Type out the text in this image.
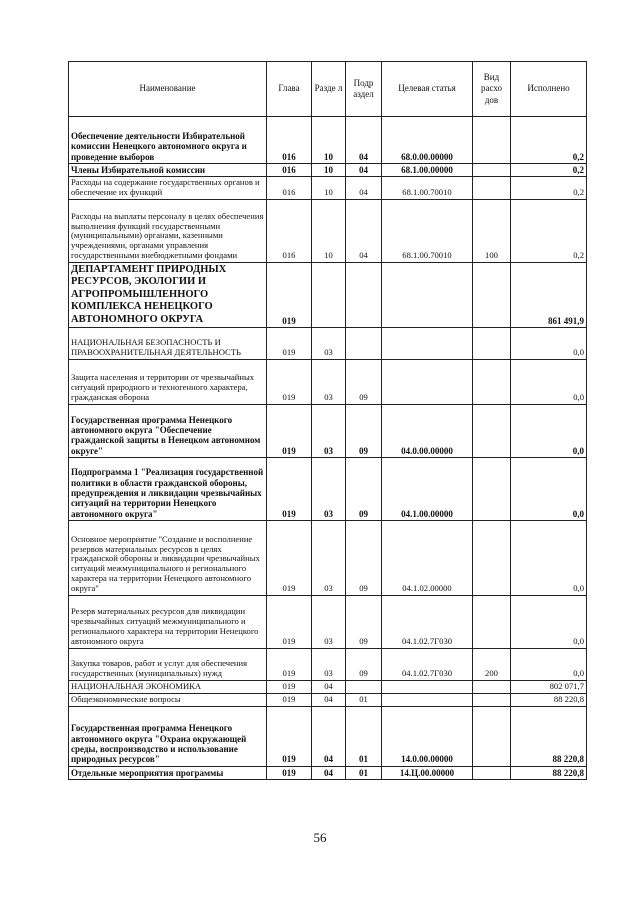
Наименование	Глава	Разде л	Подр аздел	Целевая статья	Вид расхо дов	Исполнено
Обеспечение деятельности Избирательной комиссии Ненецкого автономного округа и проведение выборов	016	10	04	68.0.00.00000		0,2
Члены Избирательной комиссии	016	10	04	68.1.00.00000		0,2
Расходы на содержание государственных органов и обеспечение их функций	016	10	04	68.1.00.70010		0,2
Расходы на выплаты персоналу в целях обеспечения выполнения функций государственными (муниципальными) органами, казенными учреждениями, органами управления государственными внебюджетными фондами	016	10	04	68.1.00.70010	100	0,2
ДЕПАРТАМЕНТ ПРИРОДНЫХ РЕСУРСОВ, ЭКОЛОГИИ И АГРОПРОМЫШЛЕННОГО КОМПЛЕКСА НЕНЕЦКОГО АВТОНОМНОГО ОКРУГА	019					861 491,9
НАЦИОНАЛЬНАЯ БЕЗОПАСНОСТЬ И ПРАВООХРАНИТЕЛЬНАЯ ДЕЯТЕЛЬНОСТЬ	019	03				0,0
Защита населения и территории от чрезвычайных ситуаций природного и техногенного характера, гражданская оборона	019	03	09			0,0
Государственная программа Ненецкого автономного округа "Обеспечение гражданской защиты в Ненецком автономном округе"	019	03	09	04.0.00.00000		0,0
Подпрограмма 1 "Реализация государственной политики в области гражданской обороны, предупреждения и ликвидации чрезвычайных ситуаций на территории Ненецкого автономного округа"	019	03	09	04.1.00.00000		0,0
Основное мероприятие "Создание и восполнение резервов материальных ресурсов в целях гражданской обороны и ликвидации чрезвычайных ситуаций межмуниципального и регионального характера на территории Ненецкого автономного округа"	019	03	09	04.1.02.00000		0,0
Резерв материальных ресурсов для ликвидации чрезвычайных ситуаций межмуниципального и регионального характера на территории Ненецкого автономного округа	019	03	09	04.1.02.7Г030		0,0
Закупка товаров, работ и услуг для обеспечения государственных (муниципальных) нужд	019	03	09	04.1.02.7Г030	200	0,0
НАЦИОНАЛЬНАЯ ЭКОНОМИКА	019	04				802 071,7
Общеэкономические вопросы	019	04	01			88 220,8
Государственная программа Ненецкого автономного округа "Охрана окружающей среды, воспроизводство и использование природных ресурсов"	019	04	01	14.0.00.00000		88 220,8
Отдельные мероприятия программы	019	04	01	14.Ц.00.00000		88 220,8
56
